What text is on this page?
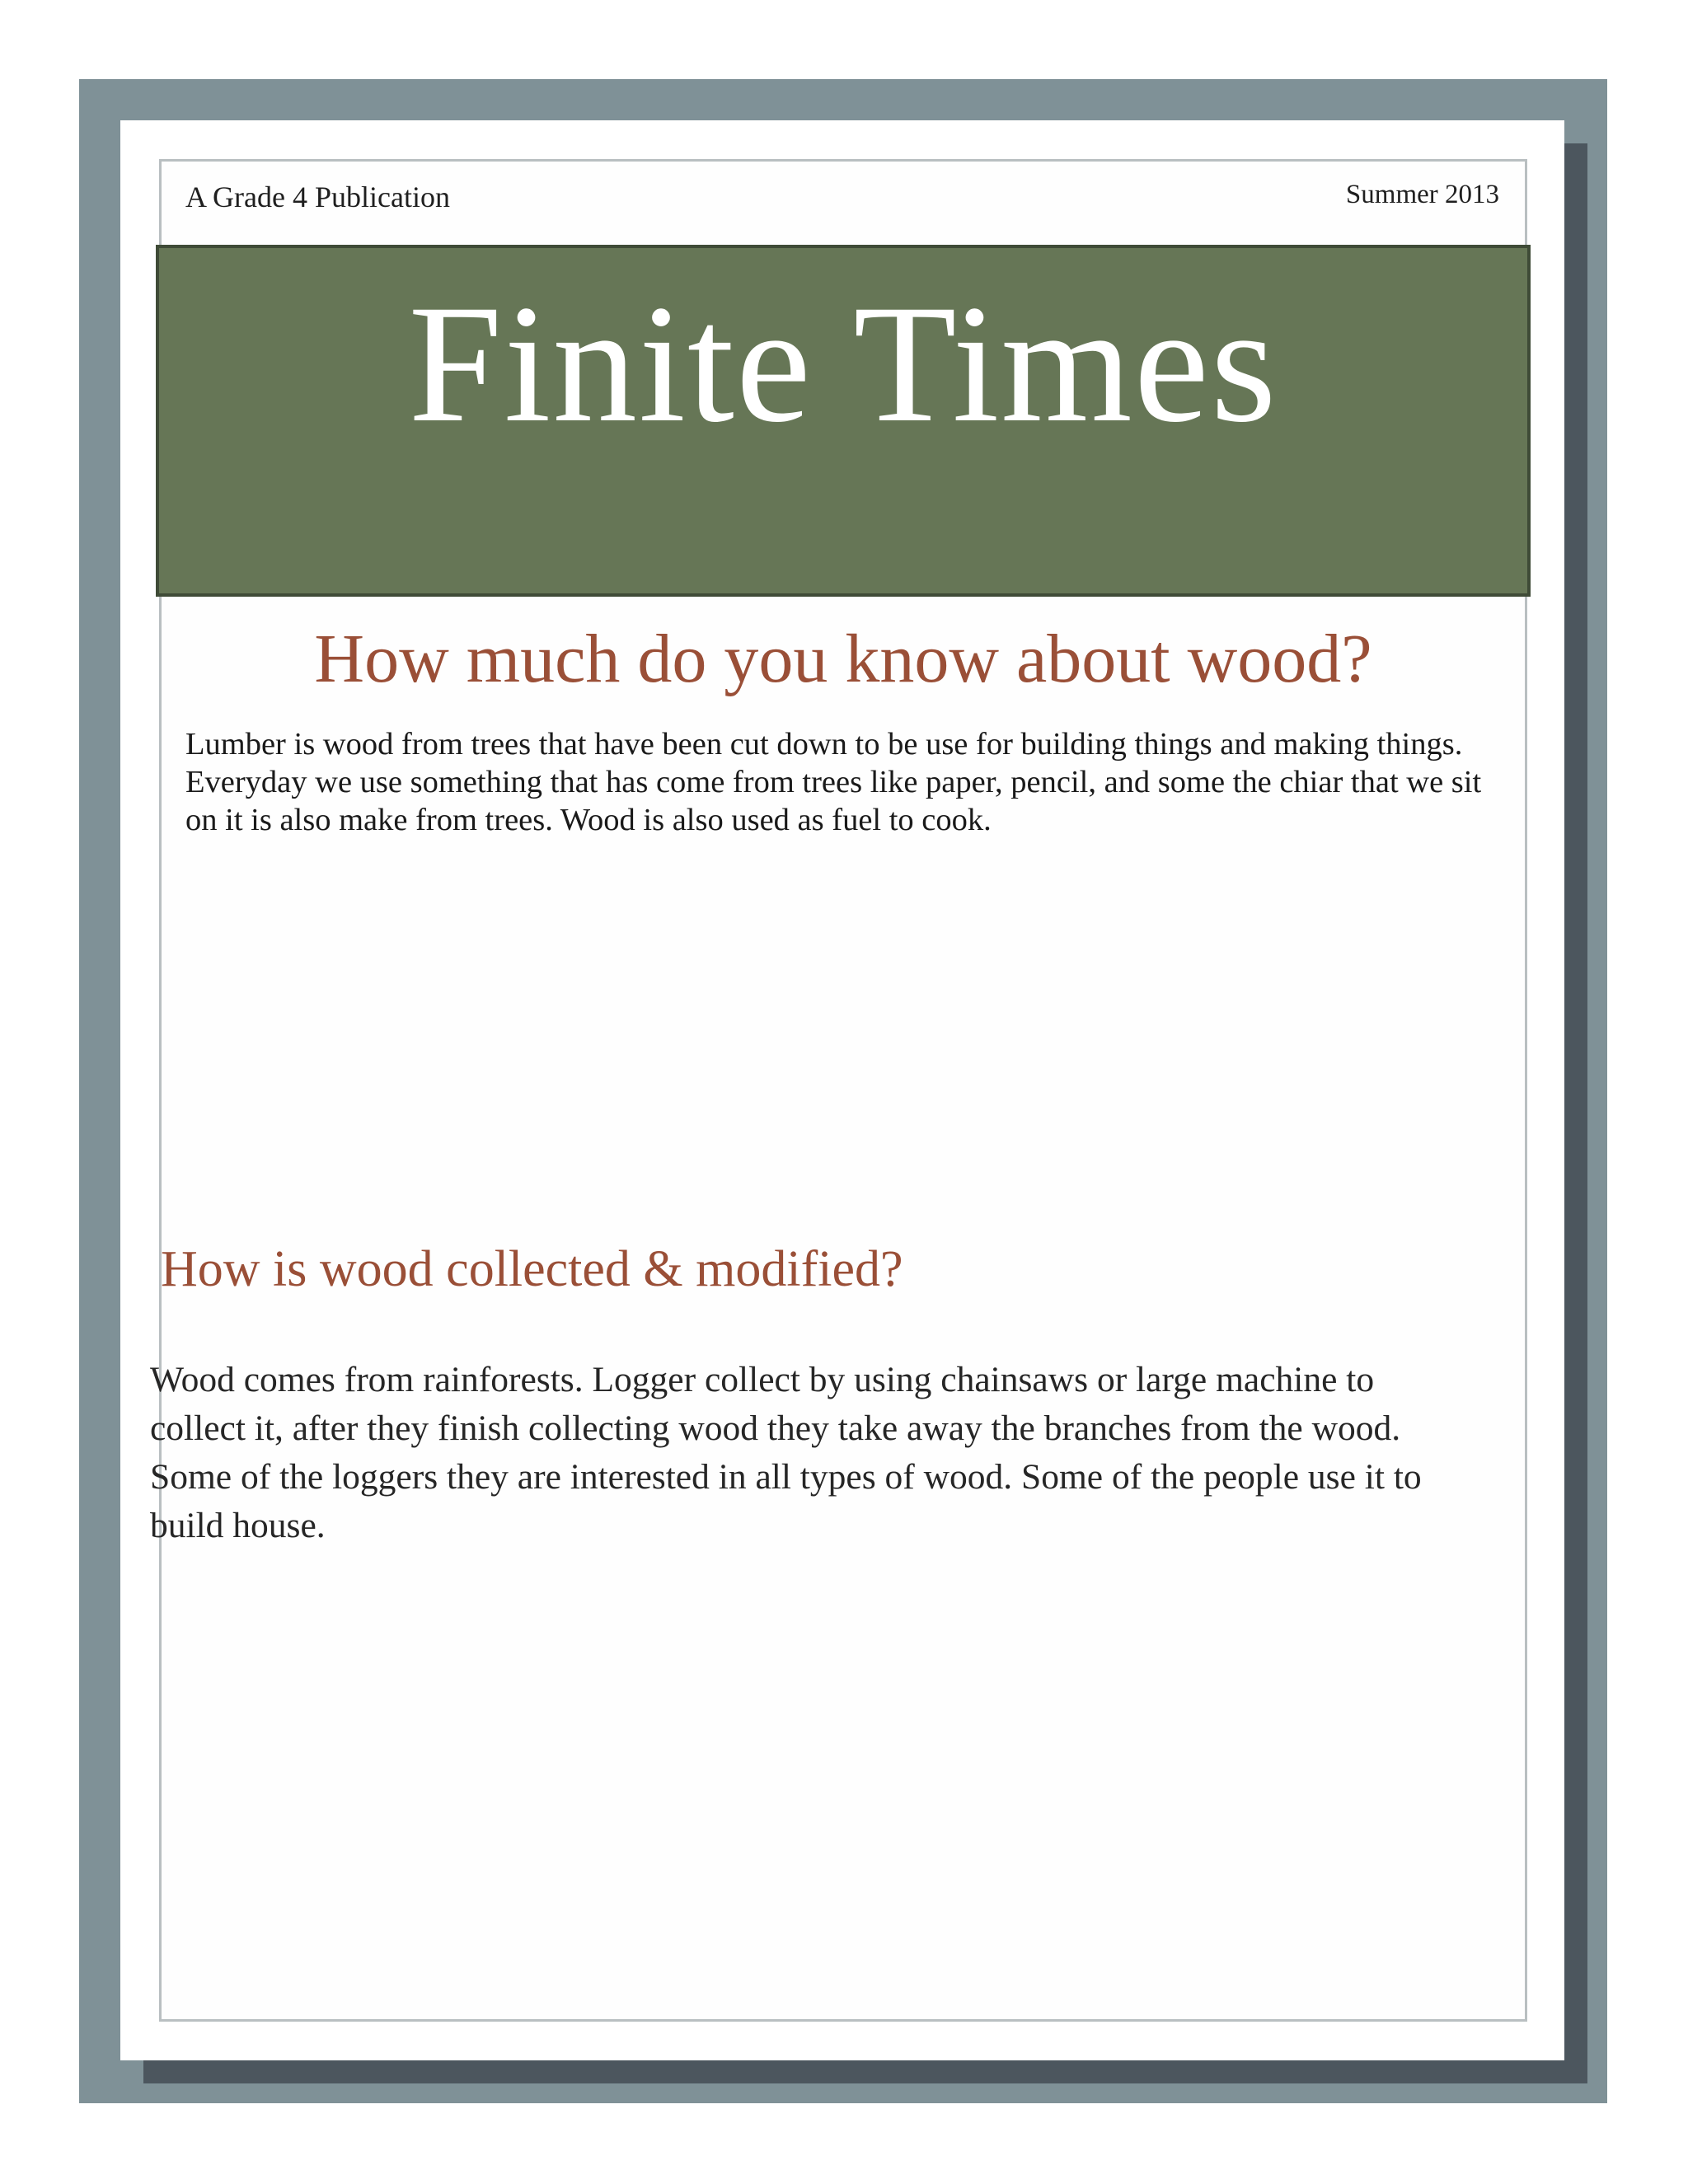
A Grade 4 Publication	Summer 2013
Finite Times
How much do you know about wood?
Lumber is wood from trees that have been cut down to be use for building things and making things. Everyday we use something that has come from trees like paper, pencil, and some the chiar that we sit on it is also make from trees. Wood is also used as fuel to cook.
How is wood collected & modified?
Wood comes from rainforests. Logger collect by using chainsaws or large machine to collect it, after they finish collecting wood they take away the branches from the wood. Some of the loggers they are interested in all types of wood. Some of the people use it to build house.
